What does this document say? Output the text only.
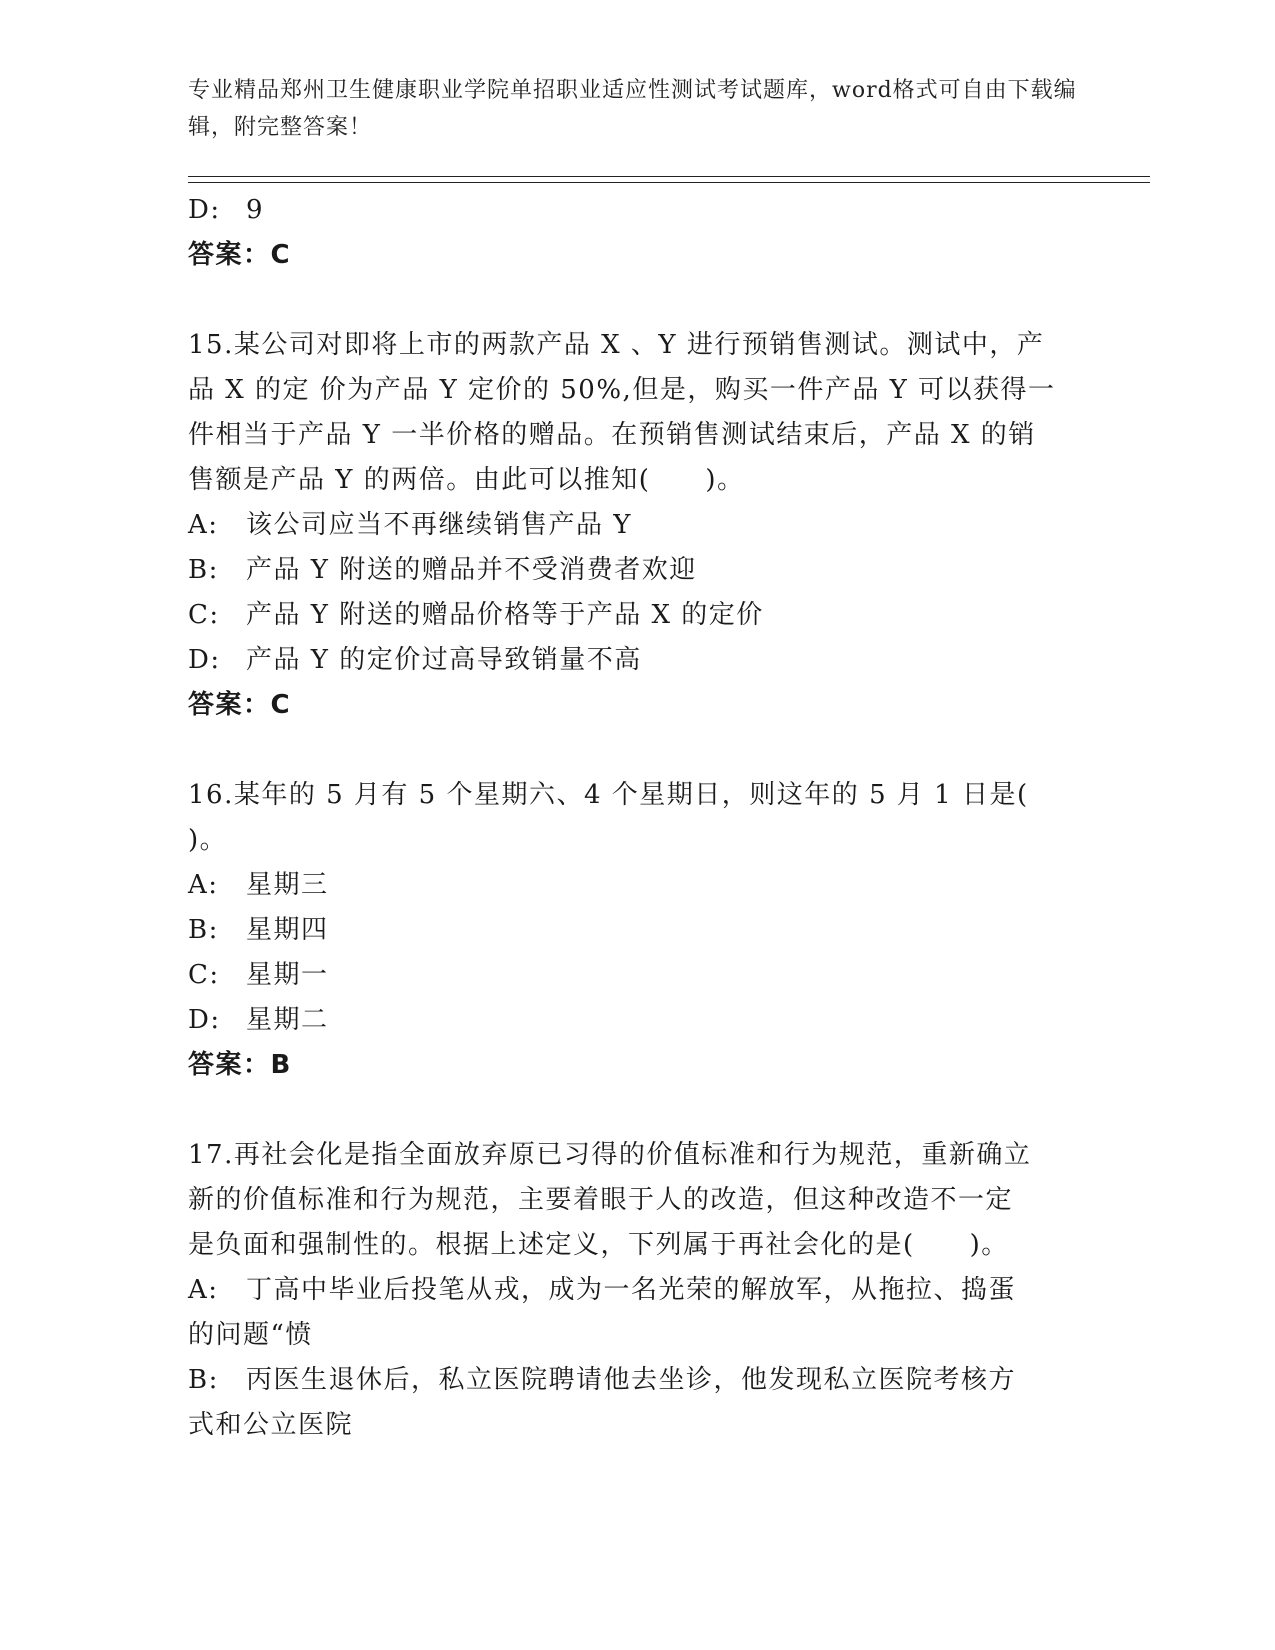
专业精品郑州卫生健康职业学院单招职业适应性测试考试题库，word格式可自由下载编辑，附完整答案！
D: 9
答案：C
15.某公司对即将上市的两款产品 X 、Y 进行预销售测试。测试中，产
品 X 的定 价为产品 Y 定价的 50%,但是，购买一件产品 Y 可以获得一
件相当于产品 Y 一半价格的赠品。在预销售测试结束后，产品 X 的销
售额是产品 Y 的两倍。由此可以推知(　　)。
A: 该公司应当不再继续销售产品 Y
B: 产品 Y 附送的赠品并不受消费者欢迎
C: 产品 Y 附送的赠品价格等于产品 X 的定价
D: 产品 Y 的定价过高导致销量不高
答案：C
16.某年的 5 月有 5 个星期六、4 个星期日，则这年的 5 月 1 日是(
)。
A: 星期三
B: 星期四
C: 星期一
D: 星期二
答案：B
17.再社会化是指全面放弃原已习得的价值标准和行为规范，重新确立
新的价值标准和行为规范，主要着眼于人的改造，但这种改造不一定
是负面和强制性的。根据上述定义，下列属于再社会化的是(　　)。
A: 丁高中毕业后投笔从戎，成为一名光荣的解放军，从拖拉、捣蛋
的问题“愤
B: 丙医生退休后，私立医院聘请他去坐诊，他发现私立医院考核方
式和公立医院
